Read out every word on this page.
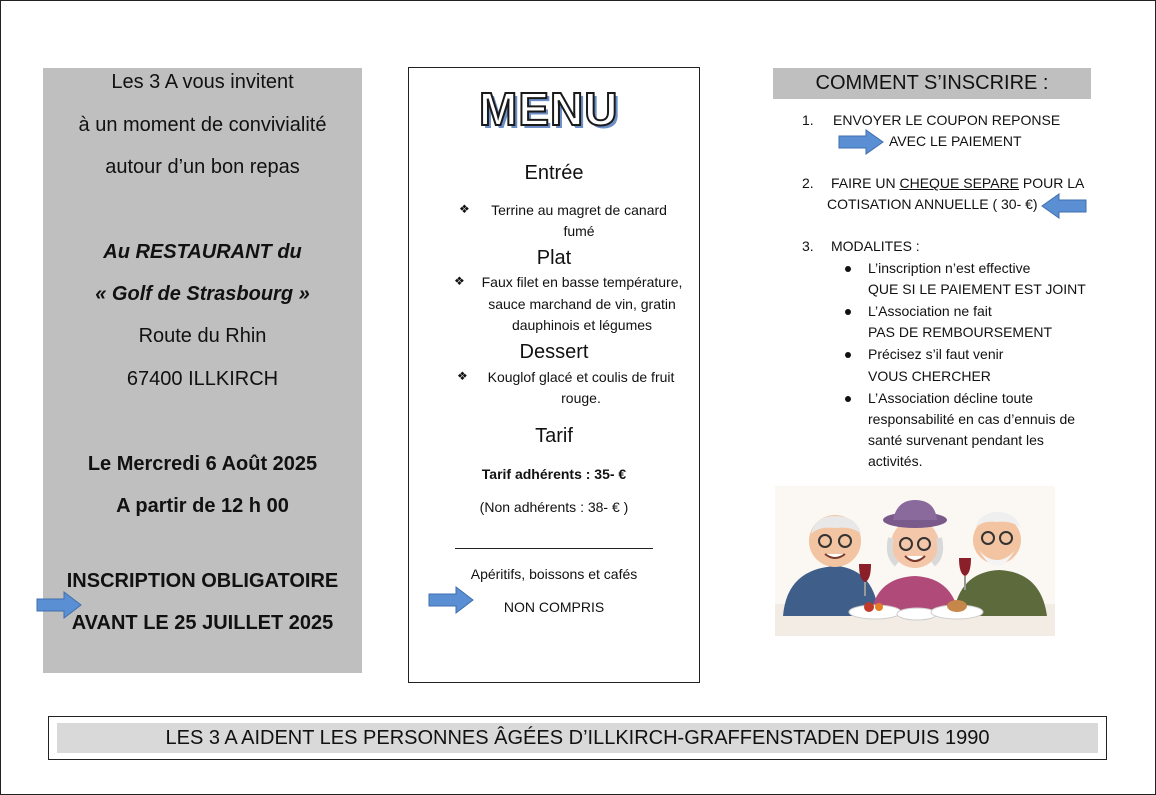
Les 3 A vous invitent
à un moment de convivialité
autour d’un bon repas
Au RESTAURANT du
« Golf de Strasbourg »
Route du Rhin
67400 ILLKIRCH
Le Mercredi 6 Août 2025
A partir de 12 h 00
INSCRIPTION OBLIGATOIRE
AVANT LE 25 JUILLET 2025
MENU
Entrée
❖	Terrine au magret de canard
fumé
Plat
❖	Faux filet en basse température,
sauce marchand de vin, gratin
dauphinois et légumes
Dessert
❖	Kouglof glacé et coulis de fruit
rouge.
Tarif
Tarif adhérents : 35- €
(Non adhérents : 38- € )
Apéritifs, boissons et cafés
NON COMPRIS
COMMENT S’INSCRIRE :
1. ENVOYER LE COUPON REPONSE
AVEC LE PAIEMENT
2. FAIRE UN CHEQUE SEPARE POUR LA
COTISATION ANNUELLE ( 30- €)
3. MODALITES :
L’inscription n’est effective
QUE SI LE PAIEMENT EST JOINT
L’Association ne fait
PAS DE REMBOURSEMENT
Précisez s’il faut venir
VOUS CHERCHER
L’Association décline toute
responsabilité en cas d’ennuis de
santé survenant pendant les
activités.
LES 3 A AIDENT LES PERSONNES ÂGÉES D’ILLKIRCH-GRAFFENSTADEN DEPUIS 1990
